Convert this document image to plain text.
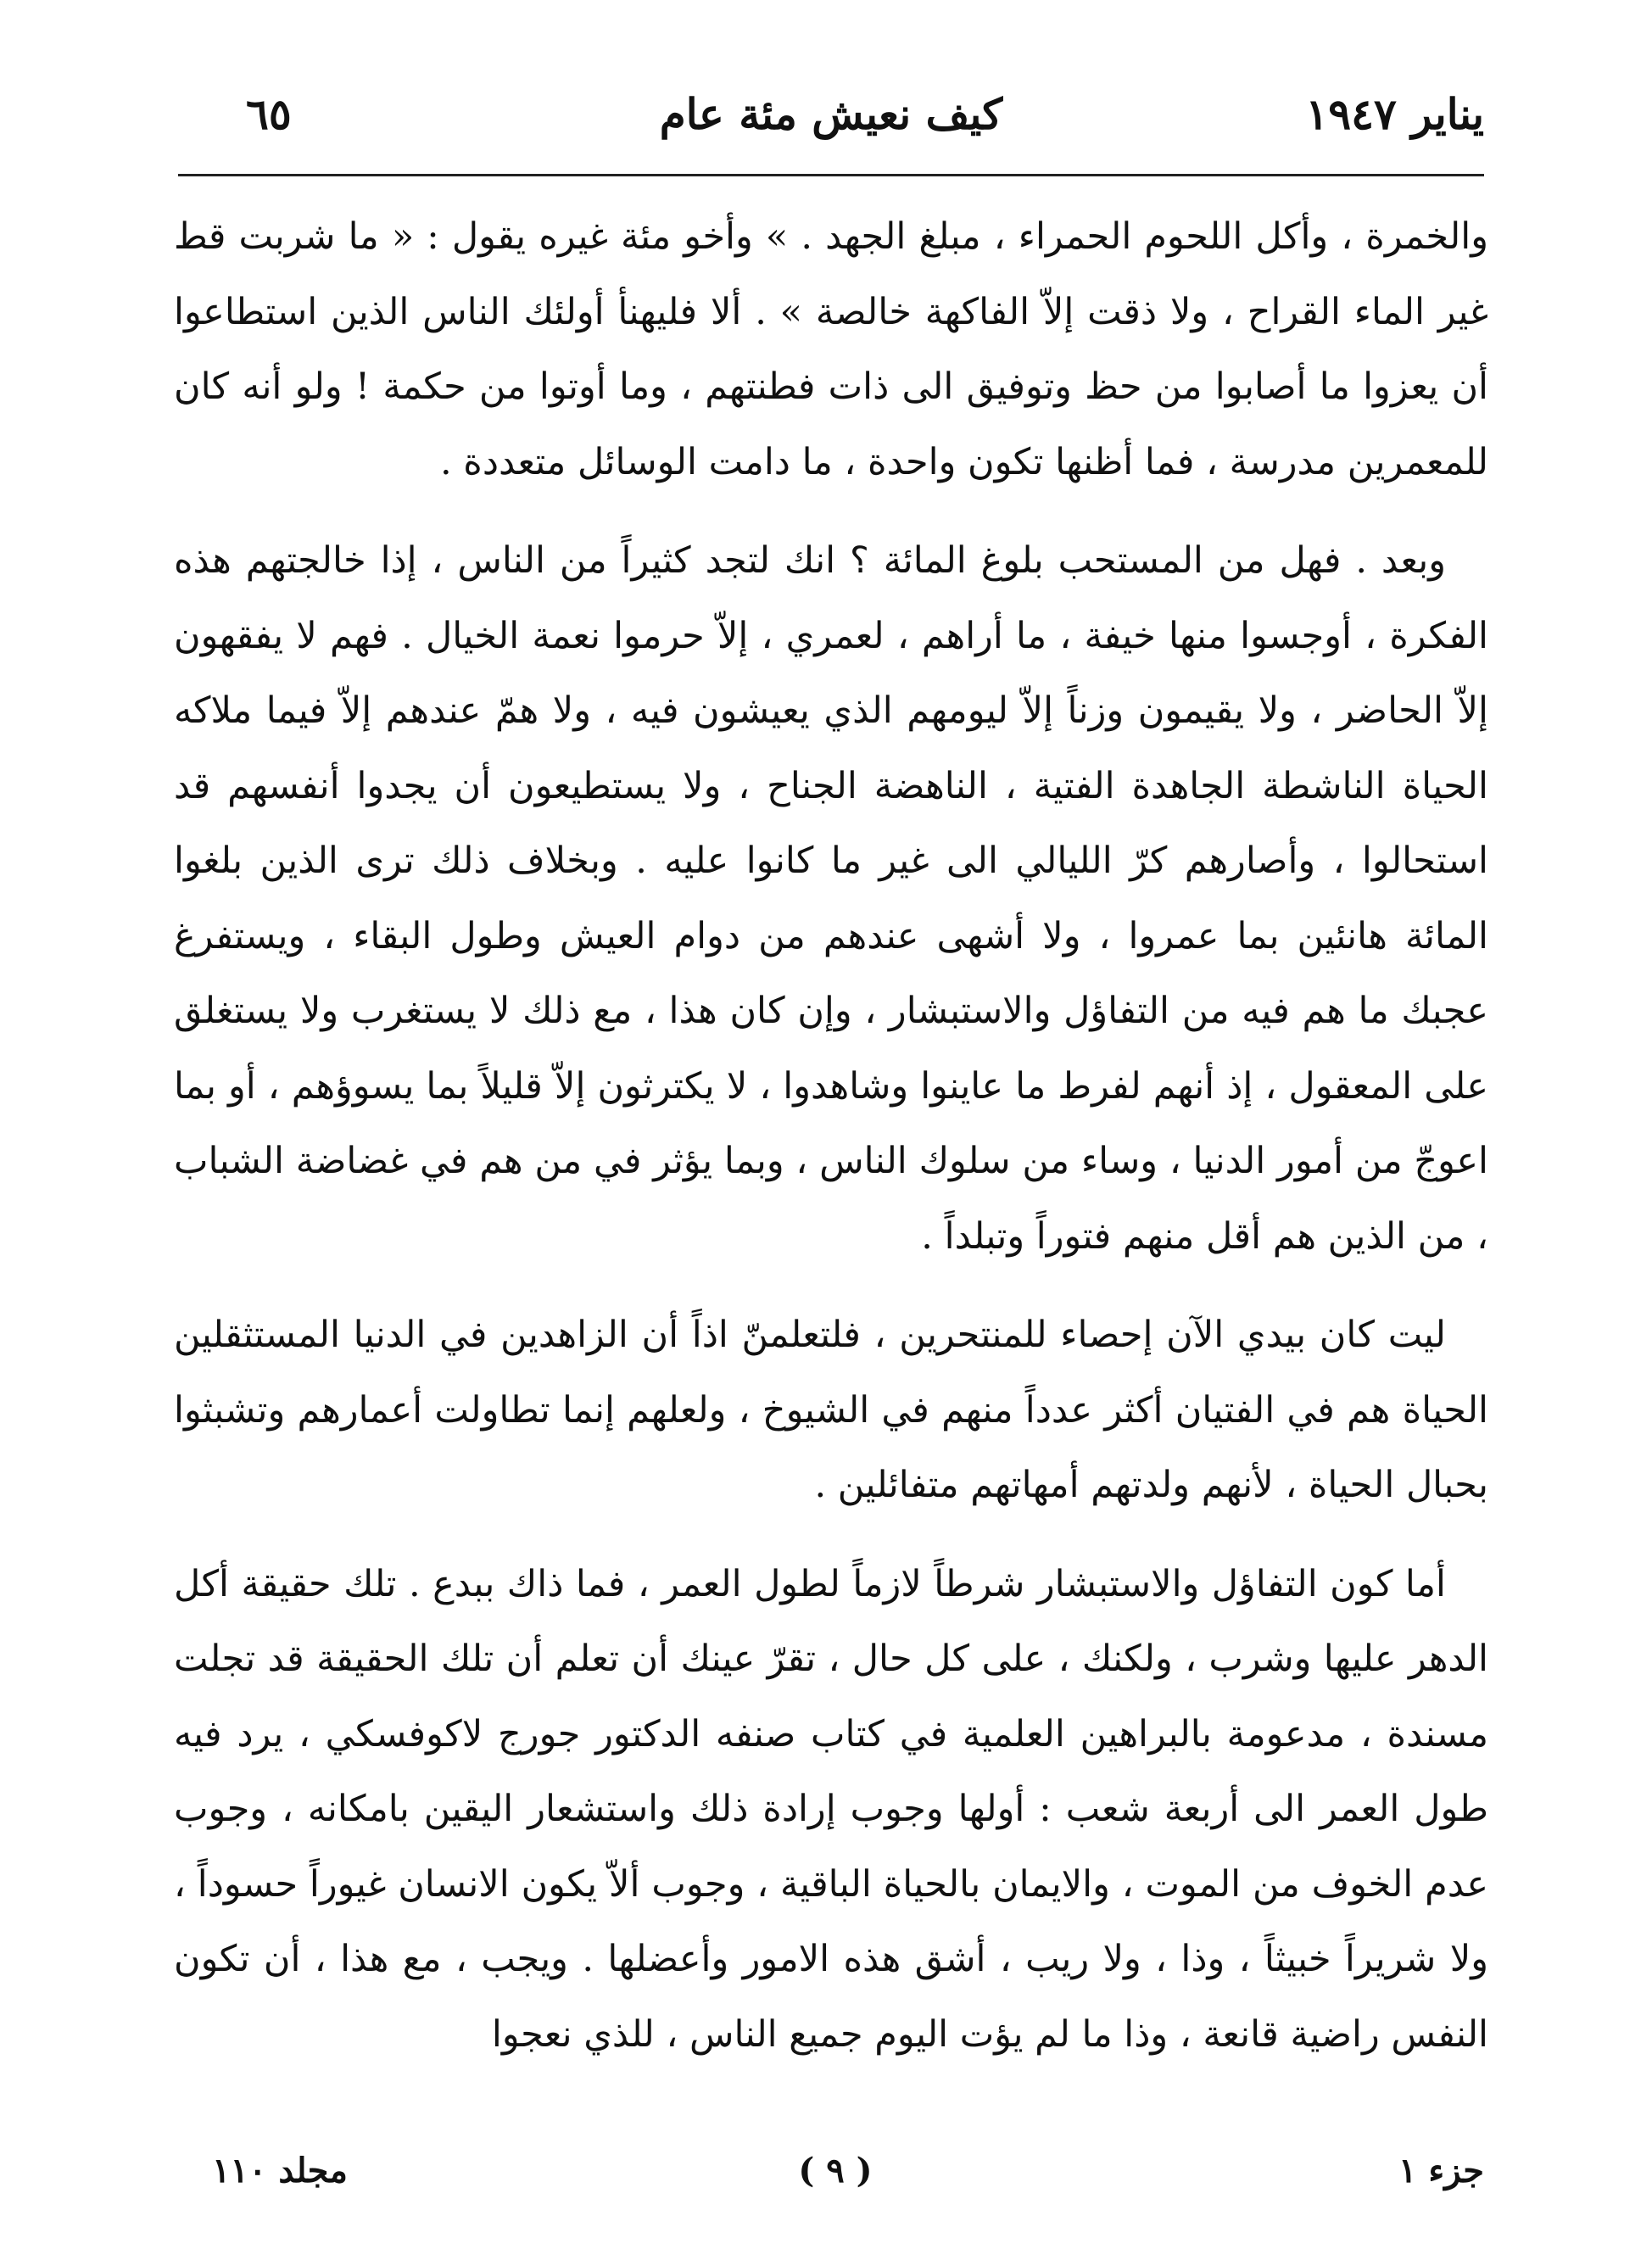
يناير ١٩٤٧
كيف نعيش مئة عام
٦٥

والخمرة ، وأكل اللحوم الحمراء ، مبلغ الجهد . » وأخو مئة غيره يقول : « ما شربت قط غير الماء القراح ، ولا ذقت إلاّ الفاكهة خالصة » . ألا فليهنأ أولئك الناس الذين استطاعوا أن يعزوا ما أصابوا من حظ وتوفيق الى ذات فطنتهم ، وما أوتوا من حكمة ! ولو أنه كان للمعمرين مدرسة ، فما أظنها تكون واحدة ، ما دامت الوسائل متعددة .

وبعد . فهل من المستحب بلوغ المائة ؟ انك لتجد كثيراً من الناس ، إذا خالجتهم هذه الفكرة ، أوجسوا منها خيفة ، ما أراهم ، لعمري ، إلاّ حرموا نعمة الخيال . فهم لا يفقهون إلاّ الحاضر ، ولا يقيمون وزناً إلاّ ليومهم الذي يعيشون فيه ، ولا همّ عندهم إلاّ فيما ملاكه الحياة الناشطة الجاهدة الفتية ، الناهضة الجناح ، ولا يستطيعون أن يجدوا أنفسهم قد استحالوا ، وأصارهم كرّ الليالي الى غير ما كانوا عليه . وبخلاف ذلك ترى الذين بلغوا المائة هانئين بما عمروا ، ولا أشهى عندهم من دوام العيش وطول البقاء ، ويستفرغ عجبك ما هم فيه من التفاؤل والاستبشار ، وإن كان هذا ، مع ذلك لا يستغرب ولا يستغلق على المعقول ، إذ أنهم لفرط ما عاينوا وشاهدوا ، لا يكترثون إلاّ قليلاً بما يسوؤهم ، أو بما اعوجّ من أمور الدنيا ، وساء من سلوك الناس ، وبما يؤثر في من هم في غضاضة الشباب ، من الذين هم أقل منهم فتوراً وتبلداً .

ليت كان بيدي الآن إحصاء للمنتحرين ، فلتعلمنّ اذاً أن الزاهدين في الدنيا المستثقلين الحياة هم في الفتيان أكثر عدداً منهم في الشيوخ ، ولعلهم إنما تطاولت أعمارهم وتشبثوا بحبال الحياة ، لأنهم ولدتهم أمهاتهم متفائلين .

أما كون التفاؤل والاستبشار شرطاً لازماً لطول العمر ، فما ذاك ببدع . تلك حقيقة أكل الدهر عليها وشرب ، ولكنك ، على كل حال ، تقرّ عينك أن تعلم أن تلك الحقيقة قد تجلت مسندة ، مدعومة بالبراهين العلمية في كتاب صنفه الدكتور جورج لاكوفسكي ، يرد فيه طول العمر الى أربعة شعب : أولها وجوب إرادة ذلك واستشعار اليقين بامكانه ، وجوب عدم الخوف من الموت ، والايمان بالحياة الباقية ، وجوب ألاّ يكون الانسان غيوراً حسوداً ، ولا شريراً خبيثاً ، وذا ، ولا ريب ، أشق هذه الامور وأعضلها . ويجب ، مع هذا ، أن تكون النفس راضية قانعة ، وذا ما لم يؤت اليوم جميع الناس ، للذي نعجوا

جزء ١
( ٩ )
مجلد ١١٠
